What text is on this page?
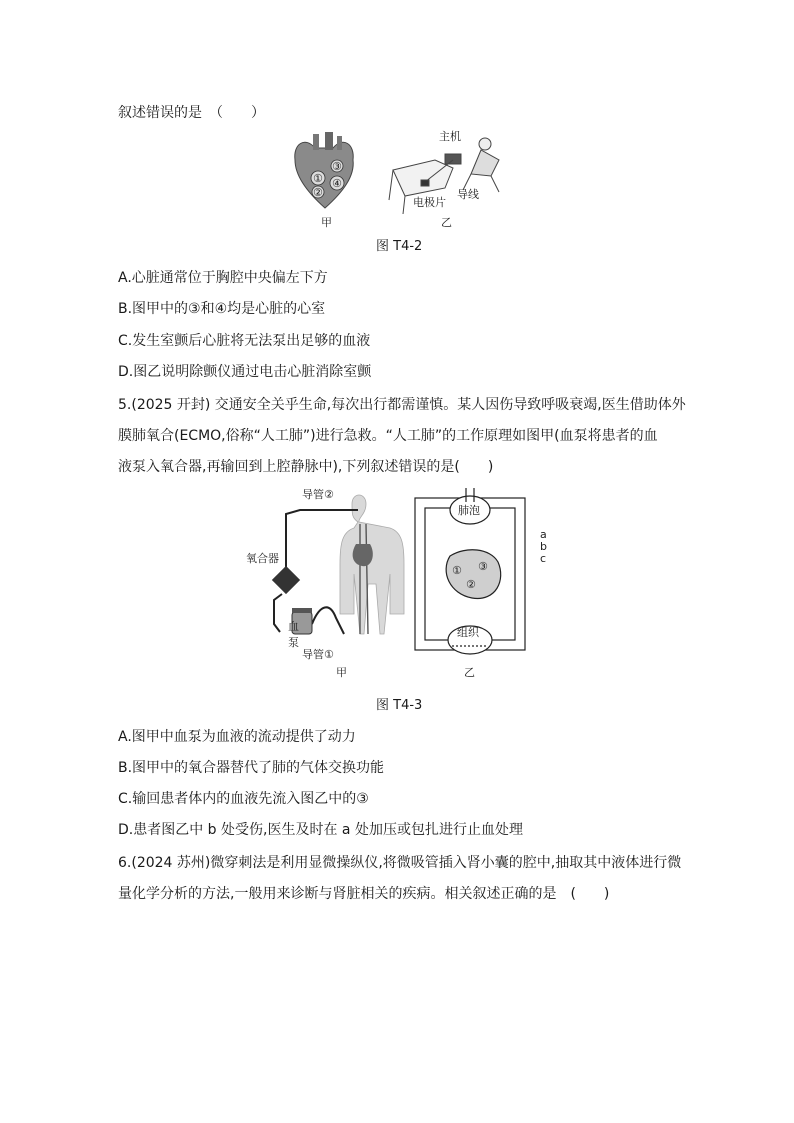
叙述错误的是　（　　）
①
②
③
④
甲
主机
导线
电极片
乙
图 T4-2
A.心脏通常位于胸腔中央偏左下方
B.图甲中的③和④均是心脏的心室
C.发生室颤后心脏将无法泵出足够的血液
D.图乙说明除颤仪通过电击心脏消除室颤
5.(2025 开封) 交通安全关乎生命,每次出行都需谨慎。某人因伤导致呼吸衰竭,医生借助体外
膜肺氧合(ECMO,俗称“人工肺”)进行急救。“人工肺”的工作原理如图甲(血泵将患者的血
液泵入氧合器,再输回到上腔静脉中),下列叙述错误的是(　　)
导管②
氧合器
血
泵
导管①
甲
肺泡
组织
①
②
③
a
b
c
乙
图 T4-3
A.图甲中血泵为血液的流动提供了动力
B.图甲中的氧合器替代了肺的气体交换功能
C.输回患者体内的血液先流入图乙中的③
D.患者图乙中 b 处受伤,医生及时在 a 处加压或包扎进行止血处理
6.(2024 苏州)微穿刺法是利用显微操纵仪,将微吸管插入肾小囊的腔中,抽取其中液体进行微
量化学分析的方法,一般用来诊断与肾脏相关的疾病。相关叙述正确的是　(　　)
